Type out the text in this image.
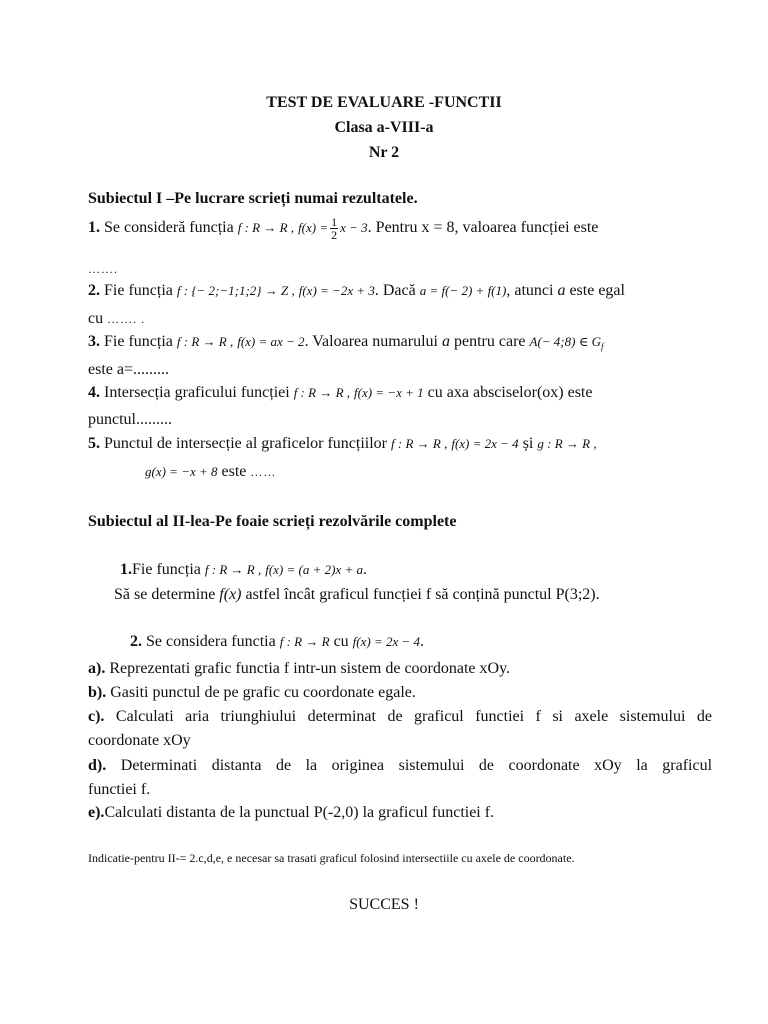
TEST DE EVALUARE -FUNCTII
Clasa a-VIII-a
Nr 2
Subiectul I –Pe lucrare scrieți numai rezultatele.
1. Se consideră funcția f : R → R , $f(x) = \frac{1}{2}$ x − 3. Pentru x = 8, valoarea funcției este
…….
2. Fie funcția f : {− 2;−1;1;2} → Z , f(x) = −2x + 3. Dacă a = f(− 2) + f(1), atunci a este egal
cu ……. .
3. Fie funcția f : R → R , f(x) = ax − 2. Valoarea numarului a pentru care A(− 4;8) ∈ $G_f$
este a=.........
4. Intersecția graficului funcției f : R → R , f(x) = −x + 1 cu axa absciselor(ox) este
punctul.........
5. Punctul de intersecție al graficelor funcțiilor f : R → R , f(x) = 2x − 4 și g : R → R ,
g(x) = −x + 8 este ……
Subiectul al II-lea-Pe foaie scrieți rezolvările complete
1.Fie funcția f : R → R , f(x) = (a + 2)x + a.
Să se determine f(x) astfel încât graficul funcției f să conțină punctul P(3;2).
2. Se considera functia f : R → R cu f(x) = 2x − 4.
a). Reprezentati grafic functia f intr-un sistem de coordonate xOy.
b). Gasiti punctul de pe grafic cu coordonate egale.
c). Calculati aria triunghiului determinat de graficul functiei f si axele sistemului de
coordonate xOy
d). Determinati distanta de la originea sistemului de coordonate xOy la graficul
functiei f.
e).Calculati distanta de la punctual P(-2,0) la graficul functiei f.
Indicatie-pentru II-= 2.c,d,e, e necesar sa trasati graficul folosind intersectiile cu axele de coordonate.
SUCCES !
